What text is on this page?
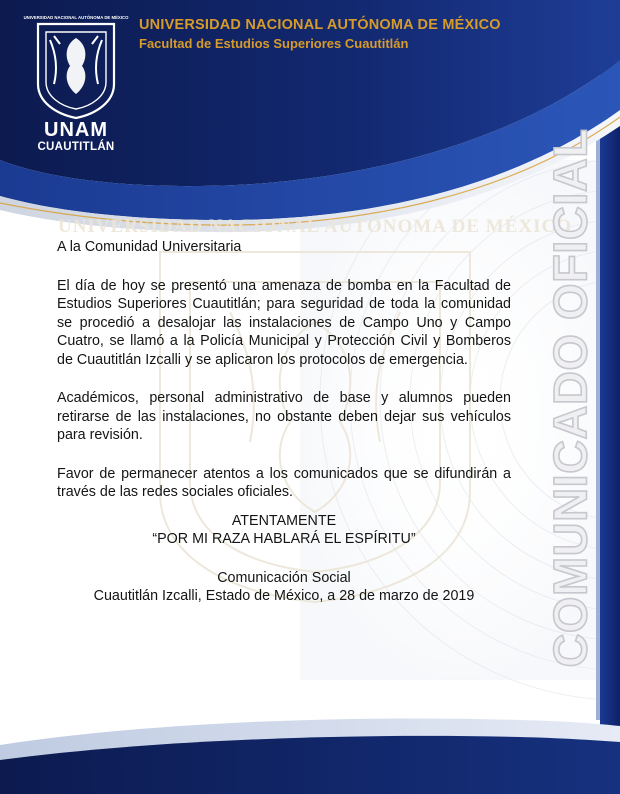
UNIVERSIDAD NACIONAL AUTÓNOMA DE MÉXICO
UNIVERSIDAD NACIONAL AUTÓNOMA DE MÉXICO
UNAM
CUAUTITLÁN
UNIVERSIDAD NACIONAL AUTÓNOMA DE MÉXICO
Facultad de Estudios Superiores Cuautitlán
COMUNICADO OFICIAL

A la Comunidad Universitaria

El día de hoy se presentó una amenaza de bomba en la Facultad de Estudios Superiores Cuautitlán; para seguridad de toda la comunidad se procedió a desalojar las instalaciones de Campo Uno y Campo Cuatro, se llamó a la Policía Municipal y Protección Civil y Bomberos de Cuautitlán Izcalli y se aplicaron los protocolos de emergencia.

Académicos, personal administrativo de base y alumnos pueden retirarse de las instalaciones, no obstante deben dejar sus vehículos para revisión.

Favor de permanecer atentos a los comunicados que se difundirán a través de las redes sociales oficiales.

ATENTAMENTE

“POR MI RAZA HABLARÁ EL ESPÍRITU”

Comunicación Social

Cuautitlán Izcalli, Estado de México, a 28 de marzo de 2019
